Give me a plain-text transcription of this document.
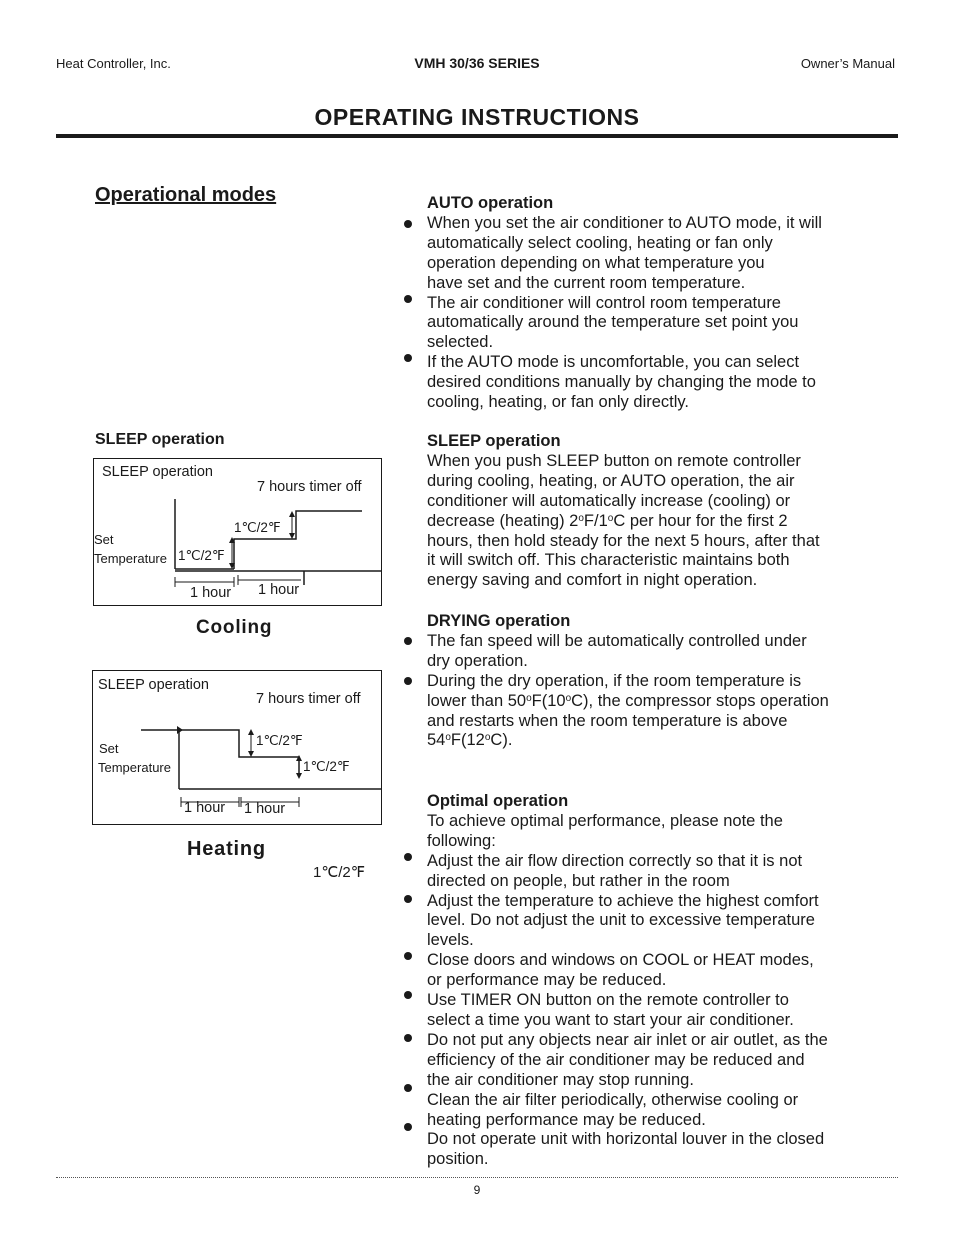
Heat Controller, Inc.	VMH 30/36 SERIES	Owner’s Manual
OPERATING INSTRUCTIONS
Operational modes
SLEEP operation
SLEEP operation
7 hours timer off
Set
Temperature 1℃/2℉
1℃/2℉
1 hour 1 hour
Cooling
SLEEP operation
7 hours timer off
Set
Temperature
1℃/2℉
1℃/2℉
1 hour 1 hour
Heating
1℃/2℉
AUTO operation
When you set the air conditioner to AUTO mode, it will
automatically select cooling, heating or fan only
operation depending on what temperature you
have set and the current room temperature.
The air conditioner will control room temperature
automatically around the temperature set point you
selected.
If the AUTO mode is uncomfortable, you can select
desired conditions manually by changing the mode to
cooling, heating, or fan only directly.
SLEEP operation
When you push SLEEP button on remote controller
during cooling, heating, or AUTO operation, the air
conditioner will automatically increase (cooling) or
decrease (heating) 2$^o$F/1$^o$C per hour for the first 2
hours, then hold steady for the next 5 hours, after that
it will switch off. This characteristic maintains both
energy saving and comfort in night operation.
DRYING operation
The fan speed will be automatically controlled under
dry operation.
During the dry operation, if the room temperature is
lower than 50$^o$F(10$^o$C), the compressor stops operation
and restarts when the room temperature is above
54$^o$F(12$^o$C).
Optimal operation
To achieve optimal performance, please note the
following:
Adjust the air flow direction correctly so that it is not
directed on people, but rather in the room
Adjust the temperature to achieve the highest comfort
level. Do not adjust the unit to excessive temperature
levels.
Close doors and windows on COOL or HEAT modes,
or performance may be reduced.
Use TIMER ON button on the remote controller to
select a time you want to start your air conditioner.
Do not put any objects near air inlet or air outlet, as the
efficiency of the air conditioner may be reduced and
the air conditioner may stop running.
Clean the air filter periodically, otherwise cooling or
heating performance may be reduced.
Do not operate unit with horizontal louver in the closed
position.
9
